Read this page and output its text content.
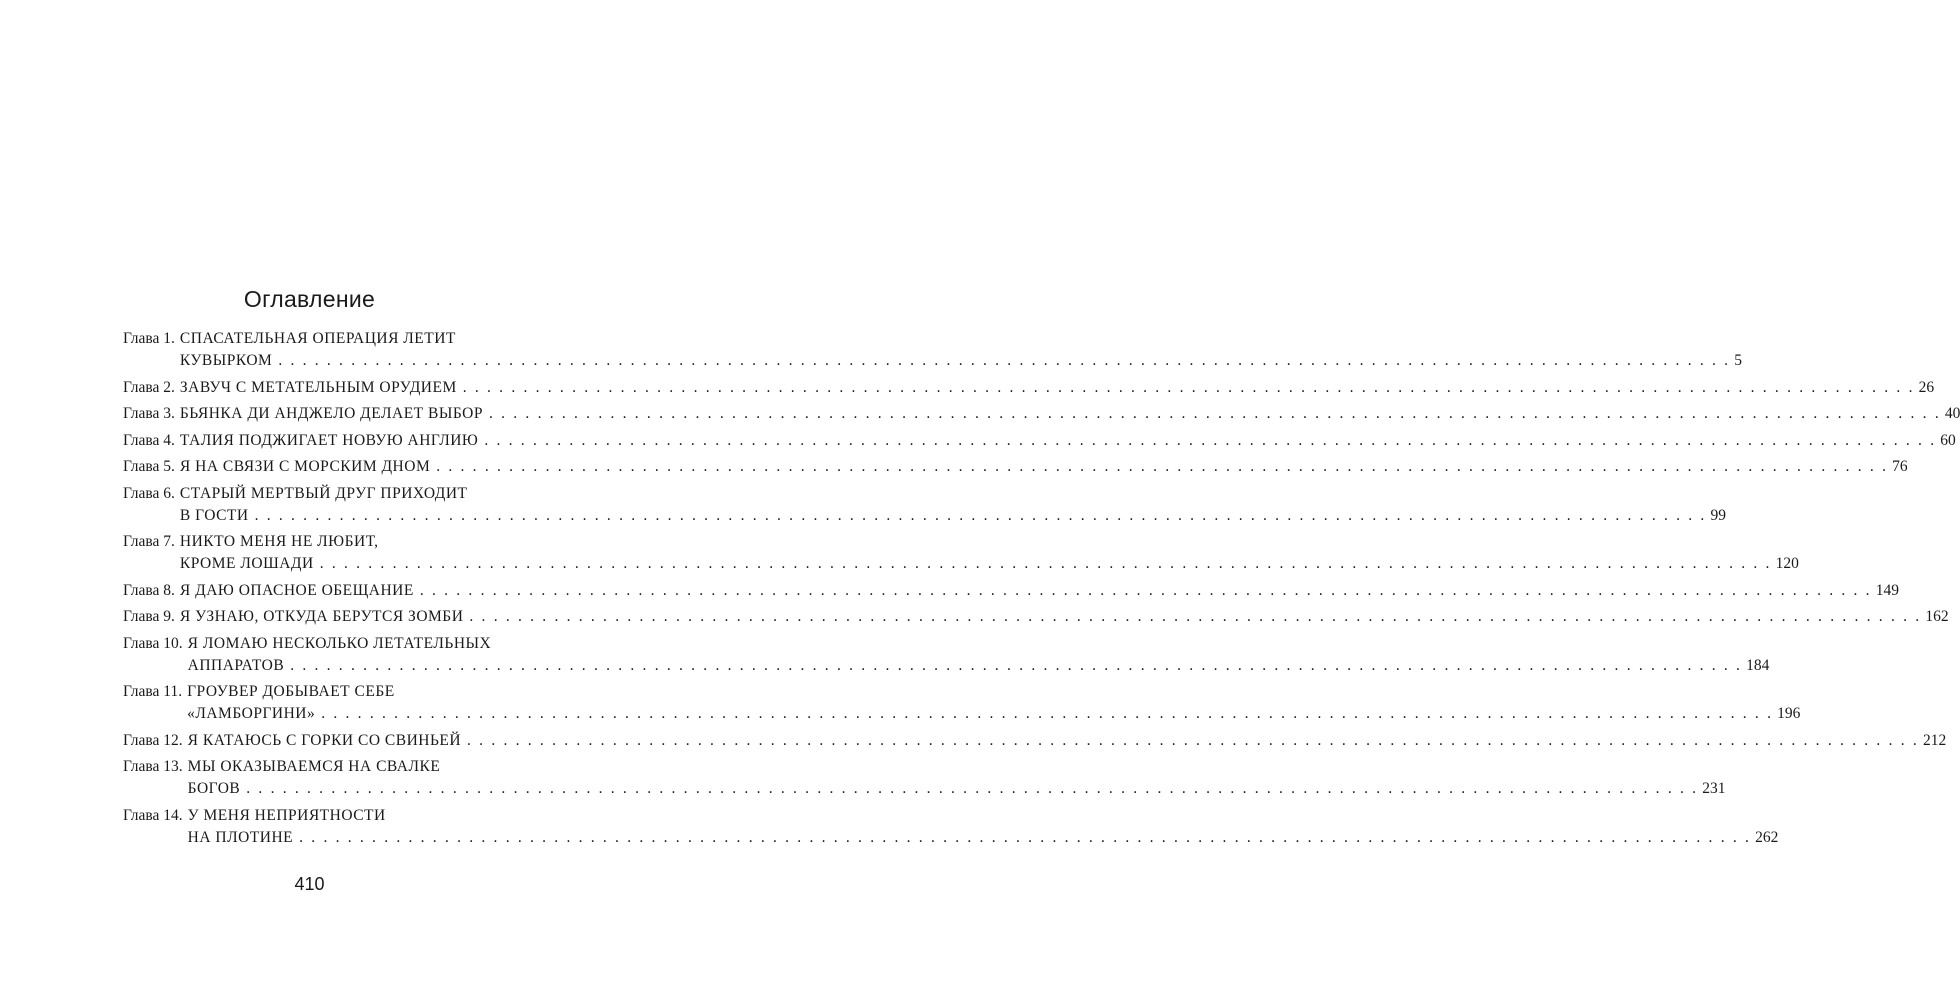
Оглавление
Глава 1. СПАСАТЕЛЬНАЯ ОПЕРАЦИЯ ЛЕТИТ
КУВЫРКОМ . . . . . . . . . . . . . . . . . . . . . . . . . . . . . . . . . . . . . . . . . . . . . . . . . . . . . . . . . . . . . . . . . . . . . . . . . . . . . . . . . . . . . . . . . . . . . . . . . . . . . . . . . . . . . . . . . . . . . . . . 5
Глава 2. ЗАВУЧ С МЕТАТЕЛЬНЫМ ОРУДИЕМ . . . . . . . . . . . . . . . . . . . . . . . . . . . . . . . . . . . . . . . . . . . . . . . . . . . . . . . . . . . . . . . . . . . . . . . . . . . . . . . . . . . . . . . . . . . . . . . . . . . . . . . . . . . . . . . . . . . . . . . . 26
Глава 3. БЬЯНКА ДИ АНДЖЕЛО ДЕЛАЕТ ВЫБОР . . . . . . . . . . . . . . . . . . . . . . . . . . . . . . . . . . . . . . . . . . . . . . . . . . . . . . . . . . . . . . . . . . . . . . . . . . . . . . . . . . . . . . . . . . . . . . . . . . . . . . . . . . . . . . . . . . . . . . . . 40
Глава 4. ТАЛИЯ ПОДЖИГАЕТ НОВУЮ АНГЛИЮ . . . . . . . . . . . . . . . . . . . . . . . . . . . . . . . . . . . . . . . . . . . . . . . . . . . . . . . . . . . . . . . . . . . . . . . . . . . . . . . . . . . . . . . . . . . . . . . . . . . . . . . . . . . . . . . . . . . . . . . . 60
Глава 5. Я НА СВЯЗИ С МОРСКИМ ДНОМ . . . . . . . . . . . . . . . . . . . . . . . . . . . . . . . . . . . . . . . . . . . . . . . . . . . . . . . . . . . . . . . . . . . . . . . . . . . . . . . . . . . . . . . . . . . . . . . . . . . . . . . . . . . . . . . . . . . . . . . . 76
Глава 6. СТАРЫЙ МЕРТВЫЙ ДРУГ ПРИХОДИТ
В ГОСТИ . . . . . . . . . . . . . . . . . . . . . . . . . . . . . . . . . . . . . . . . . . . . . . . . . . . . . . . . . . . . . . . . . . . . . . . . . . . . . . . . . . . . . . . . . . . . . . . . . . . . . . . . . . . . . . . . . . . . . . . . 99
Глава 7. НИКТО МЕНЯ НЕ ЛЮБИТ,
КРОМЕ ЛОШАДИ . . . . . . . . . . . . . . . . . . . . . . . . . . . . . . . . . . . . . . . . . . . . . . . . . . . . . . . . . . . . . . . . . . . . . . . . . . . . . . . . . . . . . . . . . . . . . . . . . . . . . . . . . . . . . . . . . . . . . . . . 120
Глава 8. Я ДАЮ ОПАСНОЕ ОБЕЩАНИЕ . . . . . . . . . . . . . . . . . . . . . . . . . . . . . . . . . . . . . . . . . . . . . . . . . . . . . . . . . . . . . . . . . . . . . . . . . . . . . . . . . . . . . . . . . . . . . . . . . . . . . . . . . . . . . . . . . . . . . . . . 149
Глава 9. Я УЗНАЮ, ОТКУДА БЕРУТСЯ ЗОМБИ . . . . . . . . . . . . . . . . . . . . . . . . . . . . . . . . . . . . . . . . . . . . . . . . . . . . . . . . . . . . . . . . . . . . . . . . . . . . . . . . . . . . . . . . . . . . . . . . . . . . . . . . . . . . . . . . . . . . . . . . 162
Глава 10. Я ЛОМАЮ НЕСКОЛЬКО ЛЕТАТЕЛЬНЫХ
АППАРАТОВ . . . . . . . . . . . . . . . . . . . . . . . . . . . . . . . . . . . . . . . . . . . . . . . . . . . . . . . . . . . . . . . . . . . . . . . . . . . . . . . . . . . . . . . . . . . . . . . . . . . . . . . . . . . . . . . . . . . . . . . . 184
Глава 11. ГРОУВЕР ДОБЫВАЕТ СЕБЕ
«ЛАМБОРГИНИ» . . . . . . . . . . . . . . . . . . . . . . . . . . . . . . . . . . . . . . . . . . . . . . . . . . . . . . . . . . . . . . . . . . . . . . . . . . . . . . . . . . . . . . . . . . . . . . . . . . . . . . . . . . . . . . . . . . . . . . . . 196
Глава 12. Я КАТАЮСЬ С ГОРКИ СО СВИНЬЕЙ . . . . . . . . . . . . . . . . . . . . . . . . . . . . . . . . . . . . . . . . . . . . . . . . . . . . . . . . . . . . . . . . . . . . . . . . . . . . . . . . . . . . . . . . . . . . . . . . . . . . . . . . . . . . . . . . . . . . . . . . 212
Глава 13. МЫ ОКАЗЫВАЕМСЯ НА СВАЛКЕ
БОГОВ . . . . . . . . . . . . . . . . . . . . . . . . . . . . . . . . . . . . . . . . . . . . . . . . . . . . . . . . . . . . . . . . . . . . . . . . . . . . . . . . . . . . . . . . . . . . . . . . . . . . . . . . . . . . . . . . . . . . . . . . 231
Глава 14. У МЕНЯ НЕПРИЯТНОСТИ
НА ПЛОТИНЕ . . . . . . . . . . . . . . . . . . . . . . . . . . . . . . . . . . . . . . . . . . . . . . . . . . . . . . . . . . . . . . . . . . . . . . . . . . . . . . . . . . . . . . . . . . . . . . . . . . . . . . . . . . . . . . . . . . . . . . . . 262
410
